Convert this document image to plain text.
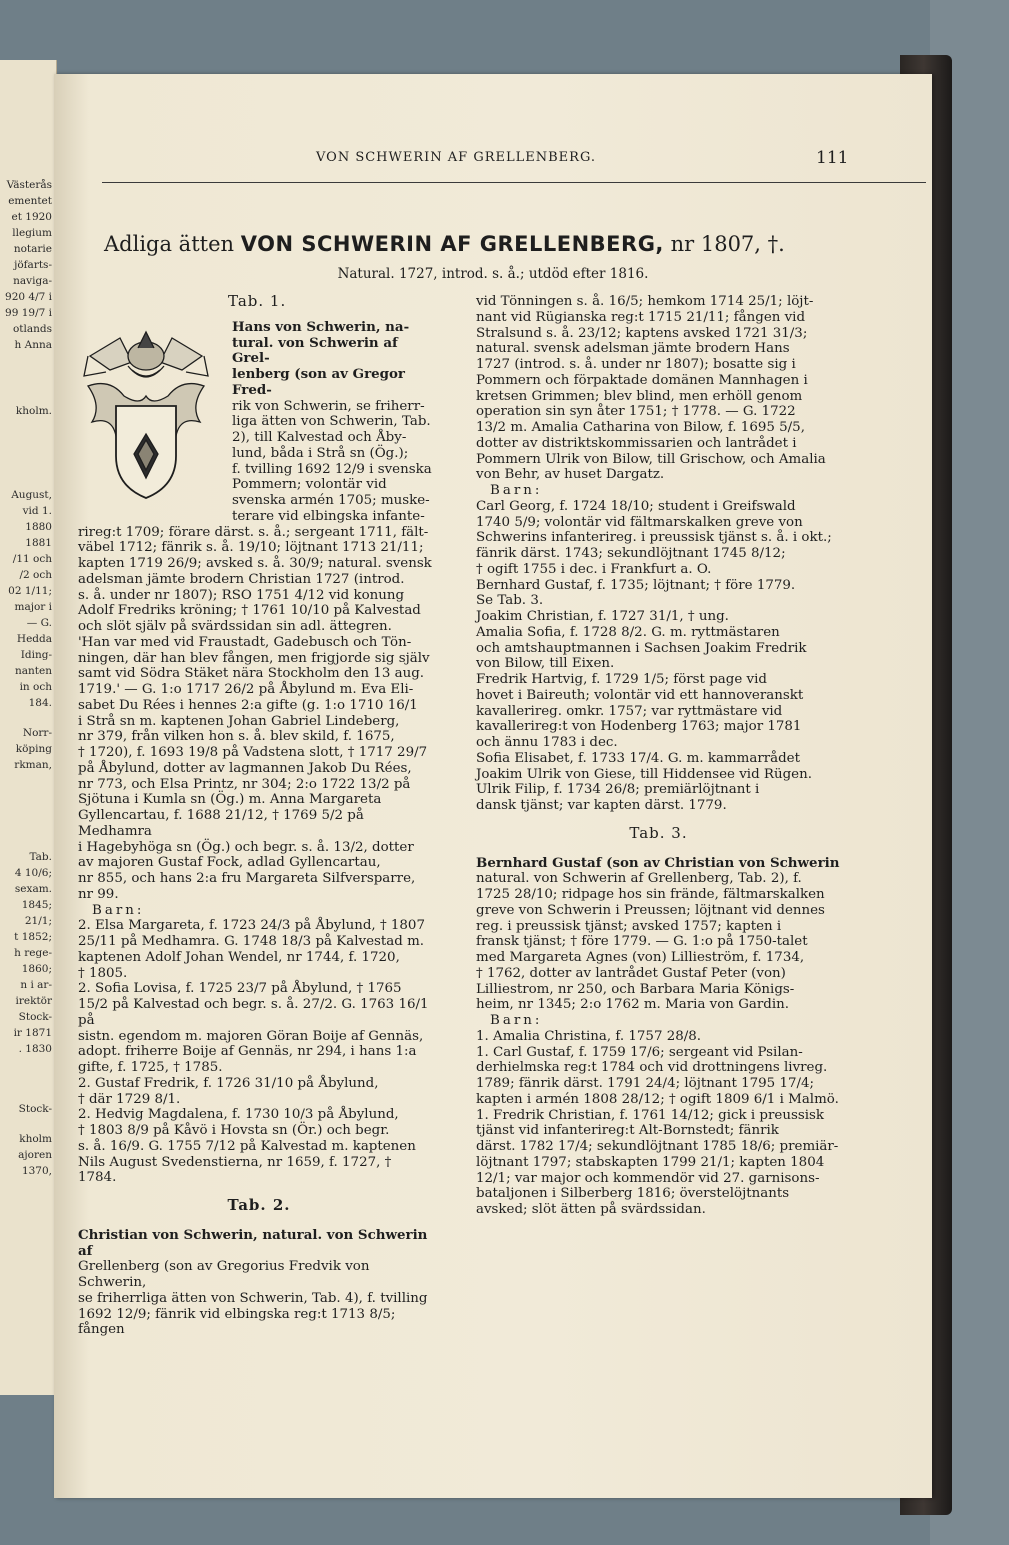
Västerås
ementet
et 1920
llegium
notarie
jöfarts-
naviga-
920 4/7 i
99 19/7 i
otlands
h Anna
kholm.
August,
vid 1.
1880
1881
/11 och
/2 och
02 1/11;
major i
— G.
Hedda
Iding-
nanten
in och
184.
Norr-
köping
rkman,
Tab.
4 10/6;
sexam.
1845;
21/1;
t 1852;
h rege-
1860;
n i ar-
irektör
Stock-
ir 1871
. 1830
Stock-
kholm
ajoren
1370,
VON SCHWERIN AF GRELLENBERG.	111
Adliga ätten VON SCHWERIN AF GRELLENBERG, nr 1807, †.
Natural. 1727, introd. s. å.; utdöd efter 1816.

Tab. 1.

Hans von Schwerin, na-

tural. von Schwerin af Grel-

lenberg (son av Gregor Fred-

rik von Schwerin, se friherr-

liga ätten von Schwerin, Tab.

2), till Kalvestad och Åby-

lund, båda i Strå sn (Ög.);

f. tvilling 1692 12/9 i svenska

Pommern; volontär vid

svenska armén 1705; muske-

terare vid elbingska infante-

rireg:t 1709; förare därst. s. å.; sergeant 1711, fält-

väbel 1712; fänrik s. å. 19/10; löjtnant 1713 21/11;

kapten 1719 26/9; avsked s. å. 30/9; natural. svensk

adelsman jämte brodern Christian 1727 (introd.

s. å. under nr 1807); RSO 1751 4/12 vid konung

Adolf Fredriks kröning; † 1761 10/10 på Kalvestad

och slöt själv på svärdssidan sin adl. ättegren.

'Han var med vid Fraustadt, Gadebusch och Tön-

ningen, där han blev fången, men frigjorde sig själv

samt vid Södra Stäket nära Stockholm den 13 aug.

1719.' — G. 1:o 1717 26/2 på Åbylund m. Eva Eli-

sabet Du Rées i hennes 2:a gifte (g. 1:o 1710 16/1

i Strå sn m. kaptenen Johan Gabriel Lindeberg,

nr 379, från vilken hon s. å. blev skild, f. 1675,

† 1720), f. 1693 19/8 på Vadstena slott, † 1717 29/7

på Åbylund, dotter av lagmannen Jakob Du Rées,

nr 773, och Elsa Printz, nr 304; 2:o 1722 13/2 på

Sjötuna i Kumla sn (Ög.) m. Anna Margareta

Gyllencartau, f. 1688 21/12, † 1769 5/2 på Medhamra

i Hagebyhöga sn (Ög.) och begr. s. å. 13/2, dotter

av majoren Gustaf Fock, adlad Gyllencartau,

nr 855, och hans 2:a fru Margareta Silfversparre,

nr 99.

Barn:

2. Elsa Margareta, f. 1723 24/3 på Åbylund, † 1807

25/11 på Medhamra. G. 1748 18/3 på Kalvestad m.

kaptenen Adolf Johan Wendel, nr 1744, f. 1720,

† 1805.

2. Sofia Lovisa, f. 1725 23/7 på Åbylund, † 1765

15/2 på Kalvestad och begr. s. å. 27/2. G. 1763 16/1 på

sistn. egendom m. majoren Göran Boije af Gennäs,

adopt. friherre Boije af Gennäs, nr 294, i hans 1:a

gifte, f. 1725, † 1785.

2. Gustaf Fredrik, f. 1726 31/10 på Åbylund,

† där 1729 8/1.

2. Hedvig Magdalena, f. 1730 10/3 på Åbylund,

† 1803 8/9 på Kåvö i Hovsta sn (Ör.) och begr.

s. å. 16/9. G. 1755 7/12 på Kalvestad m. kaptenen

Nils August Svedenstierna, nr 1659, f. 1727, †

1784.

Tab. 2.

Christian von Schwerin, natural. von Schwerin af

Grellenberg (son av Gregorius Fredvik von Schwerin,

se friherrliga ätten von Schwerin, Tab. 4), f. tvilling

1692 12/9; fänrik vid elbingska reg:t 1713 8/5; fången

vid Tönningen s. å. 16/5; hemkom 1714 25/1; löjt-

nant vid Rügianska reg:t 1715 21/11; fången vid

Stralsund s. å. 23/12; kaptens avsked 1721 31/3;

natural. svensk adelsman jämte brodern Hans

1727 (introd. s. å. under nr 1807); bosatte sig i

Pommern och förpaktade domänen Mannhagen i

kretsen Grimmen; blev blind, men erhöll genom

operation sin syn åter 1751; † 1778. — G. 1722

13/2 m. Amalia Catharina von Bilow, f. 1695 5/5,

dotter av distriktskommissarien och lantrådet i

Pommern Ulrik von Bilow, till Grischow, och Amalia

von Behr, av huset Dargatz.

Barn:

Carl Georg, f. 1724 18/10; student i Greifswald

1740 5/9; volontär vid fältmarskalken greve von

Schwerins infanterireg. i preussisk tjänst s. å. i okt.;

fänrik därst. 1743; sekundlöjtnant 1745 8/12;

† ogift 1755 i dec. i Frankfurt a. O.

Bernhard Gustaf, f. 1735; löjtnant; † före 1779.

Se Tab. 3.

Joakim Christian, f. 1727 31/1, † ung.

Amalia Sofia, f. 1728 8/2. G. m. ryttmästaren

och amtshauptmannen i Sachsen Joakim Fredrik

von Bilow, till Eixen.

Fredrik Hartvig, f. 1729 1/5; först page vid

hovet i Baireuth; volontär vid ett hannoveranskt

kavallerireg. omkr. 1757; var ryttmästare vid

kavallerireg:t von Hodenberg 1763; major 1781

och ännu 1783 i dec.

Sofia Elisabet, f. 1733 17/4. G. m. kammarrådet

Joakim Ulrik von Giese, till Hiddensee vid Rügen.

Ulrik Filip, f. 1734 26/8; premiärlöjtnant i

dansk tjänst; var kapten därst. 1779.

Tab. 3.

Bernhard Gustaf (son av Christian von Schwerin

natural. von Schwerin af Grellenberg, Tab. 2), f.

1725 28/10; ridpage hos sin frände, fältmarskalken

greve von Schwerin i Preussen; löjtnant vid dennes

reg. i preussisk tjänst; avsked 1757; kapten i

fransk tjänst; † före 1779. — G. 1:o på 1750-talet

med Margareta Agnes (von) Lillieström, f. 1734,

† 1762, dotter av lantrådet Gustaf Peter (von)

Lilliestrom, nr 250, och Barbara Maria Königs-

heim, nr 1345; 2:o 1762 m. Maria von Gardin.

Barn:

1. Amalia Christina, f. 1757 28/8.

1. Carl Gustaf, f. 1759 17/6; sergeant vid Psilan-

derhielmska reg:t 1784 och vid drottningens livreg.

1789; fänrik därst. 1791 24/4; löjtnant 1795 17/4;

kapten i armén 1808 28/12; † ogift 1809 6/1 i Malmö.

1. Fredrik Christian, f. 1761 14/12; gick i preussisk

tjänst vid infanterireg:t Alt-Bornstedt; fänrik

därst. 1782 17/4; sekundlöjtnant 1785 18/6; premiär-

löjtnant 1797; stabskapten 1799 21/1; kapten 1804

12/1; var major och kommendör vid 27. garnisons-

bataljonen i Silberberg 1816; överstelöjtnants

avsked; slöt ätten på svärdssidan.
